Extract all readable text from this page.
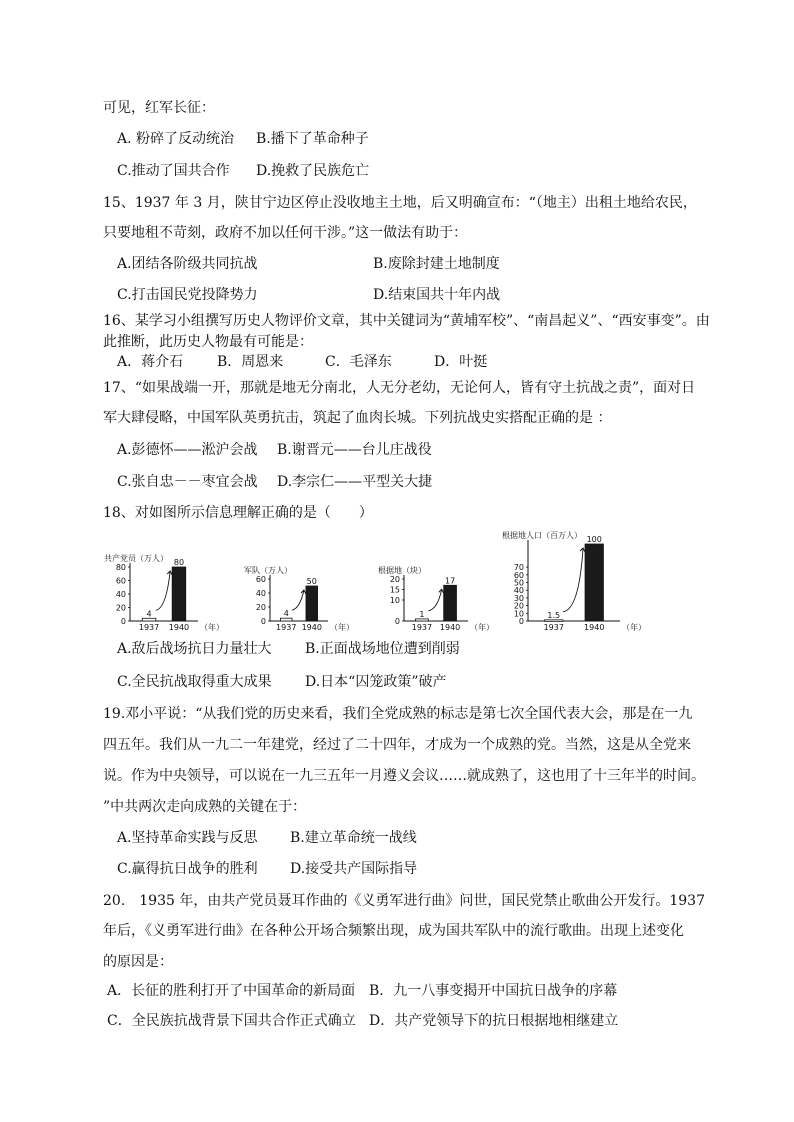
可见，红军长征：
A. 粉碎了反动统治 B.播下了革命种子
C.推动了国共合作 D.挽救了民族危亡
15、1937 年 3 月，陕甘宁边区停止没收地主土地，后又明确宣布：“（地主）出租土地给农民，
只要地租不苛刻，政府不加以任何干涉。”这一做法有助于：
A.团结各阶级共同抗战	B.废除封建土地制度
C.打击国民党投降势力	D.结束国共十年内战
16、某学习小组撰写历史人物评价文章，其中关键词为“黄埔军校”、“南昌起义”、“西安事变”。由
此推断，此历史人物最有可能是：
A．蒋介石 B．周恩来	C．毛泽东	D．叶挺
17、“如果战端一开，那就是地无分南北，人无分老幼，无论何人，皆有守土抗战之责”，面对日
军大肆侵略，中国军队英勇抗击，筑起了血肉长城。下列抗战史实搭配正确的是 ：
A.彭德怀——淞沪会战 B.谢晋元——台儿庄战役
C.张自忠－－枣宜会战 D.李宗仁——平型关大捷
18、对如图所示信息理解正确的是（　　）
共产党员（万人）
0
20
40
60
80
4
1937
80
1940 （年）
军队（万人）
0
20
40
60
4
1937
50
1940 （年）
根据地（块）
0
10
15
20
1
1937
17
1940 （年）
根据地人口（百万人）
0
10
20
30
40
50
60
70
1.5
1937
100
1940 （年）
A.敌后战场抗日力量壮大 B.正面战场地位遭到削弱
C.全民抗战取得重大成果 D.日本“囚笼政策”破产
19.邓小平说：“从我们党的历史来看，我们全党成熟的标志是第七次全国代表大会，那是在一九
四五年。我们从一九二一年建党，经过了二十四年，才成为一个成熟的党。当然，这是从全党来
说。作为中央领导，可以说在一九三五年一月遵义会议……就成熟了，这也用了十三年半的时间。
”中共两次走向成熟的关键在于：
A.坚持革命实践与反思 B.建立革命统一战线
C.赢得抗日战争的胜利 D.接受共产国际指导
20.　1935 年，由共产党员聂耳作曲的《义勇军进行曲》问世，国民党禁止歌曲公开发行。1937
年后，《义勇军进行曲》在各种公开场合频繁出现，成为国共军队中的流行歌曲。出现上述变化
的原因是：
A．长征的胜利打开了中国革命的新局面 B．九一八事变揭开中国抗日战争的序幕
C．全民族抗战背景下国共合作正式确立 D．共产党领导下的抗日根据地相继建立
